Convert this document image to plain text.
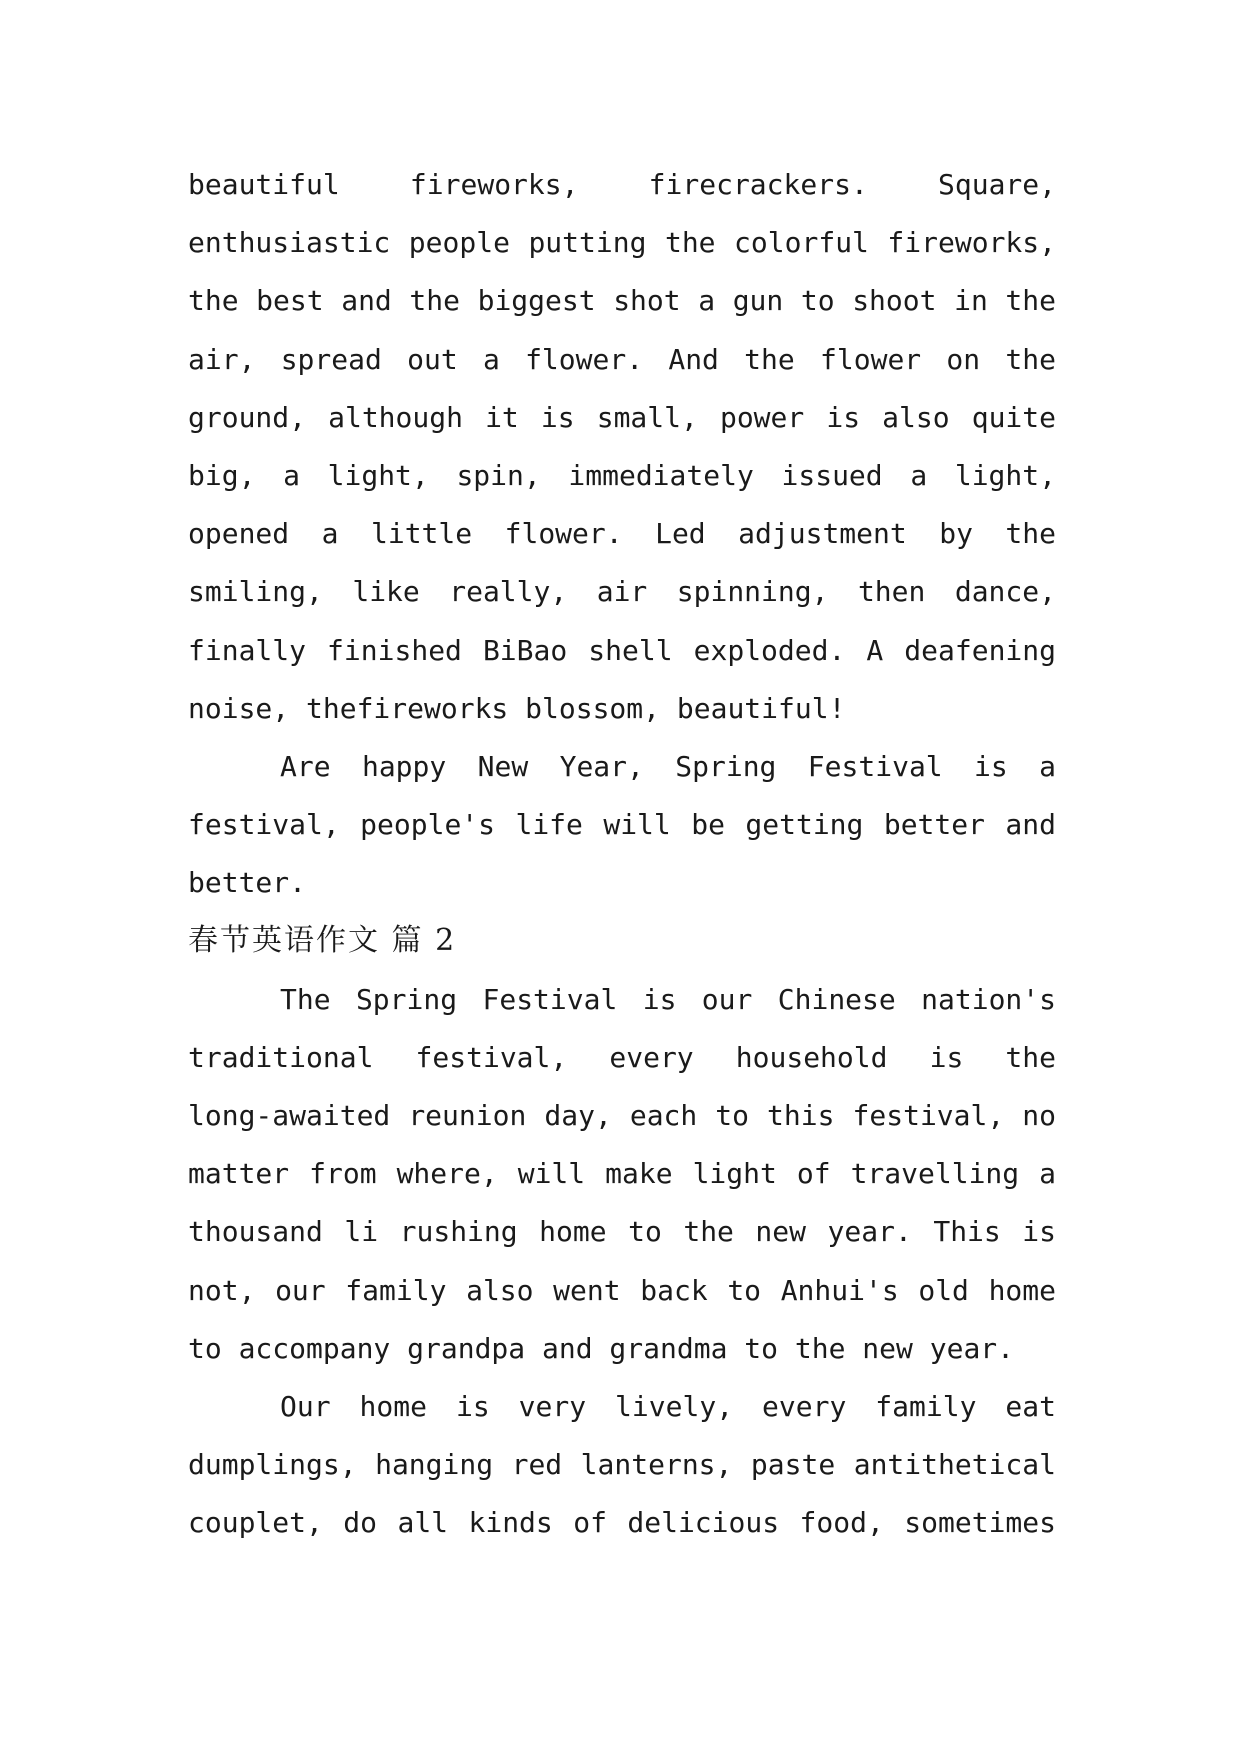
beautiful fireworks, firecrackers. Square,
enthusiastic people putting the colorful fireworks,
the best and the biggest shot a gun to shoot in the
air, spread out a flower. And the flower on the
ground, although it is small, power is also quite
big, a light, spin, immediately issued a light,
opened a little flower. Led adjustment by the
smiling, like really, air spinning, then dance,
finally finished BiBao shell exploded. A deafening
noise, thefireworks blossom, beautiful!
Are happy New Year, Spring Festival is a
festival, people's life will be getting better and
better.
春节英语作文 篇 2
The Spring Festival is our Chinese nation's
traditional festival, every household is the
long-awaited reunion day, each to this festival, no
matter from where, will make light of travelling a
thousand li rushing home to the new year. This is
not, our family also went back to Anhui's old home
to accompany grandpa and grandma to the new year.
Our home is very lively, every family eat
dumplings, hanging red lanterns, paste antithetical
couplet, do all kinds of delicious food, sometimes
